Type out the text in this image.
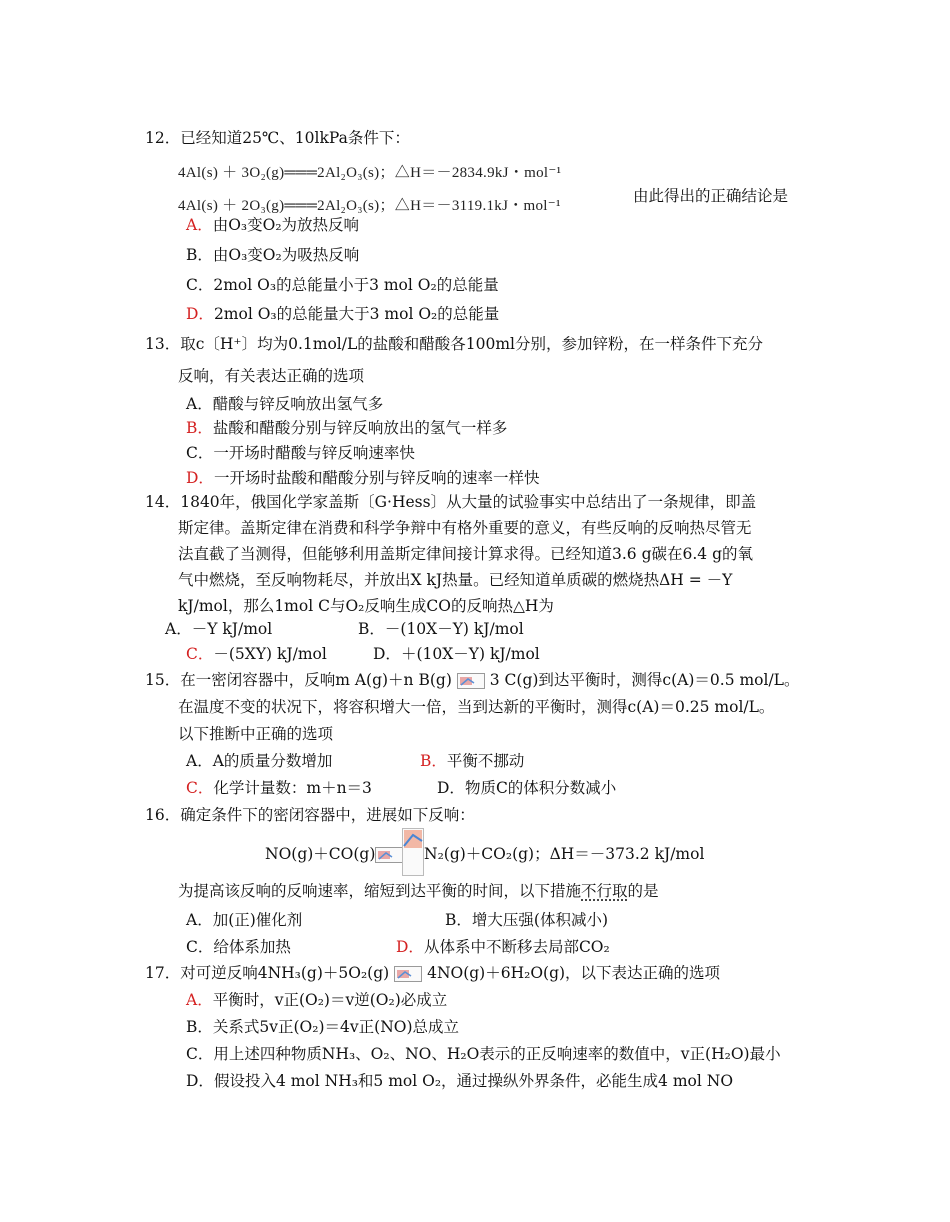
12．已经知道25℃、10lkPa条件下：
4Al(s) ＋ 3O₂(g)═══2Al₂O₃(s)；△H＝－2834.9kJ・mol⁻¹
4Al(s) ＋ 2O₃(g)═══2Al₂O₃(s)；△H＝－3119.1kJ・mol⁻¹
由此得出的正确结论是
A．由O₃变O₂为放热反响
B．由O₃变O₂为吸热反响
C．2mol O₃的总能量小于3 mol O₂的总能量
D．2mol O₃的总能量大于3 mol O₂的总能量
13．取c〔H⁺〕均为0.1mol/L的盐酸和醋酸各100ml分别，参加锌粉，在一样条件下充分
反响，有关表达正确的选项
A．醋酸与锌反响放出氢气多
B．盐酸和醋酸分别与锌反响放出的氢气一样多
C．一开场时醋酸与锌反响速率快
D．一开场时盐酸和醋酸分别与锌反响的速率一样快
14．1840年，俄国化学家盖斯〔G·Hess〕从大量的试验事实中总结出了一条规律，即盖
斯定律。盖斯定律在消费和科学争辩中有格外重要的意义，有些反响的反响热尽管无
法直截了当测得，但能够利用盖斯定律间接计算求得。已经知道3.6 g碳在6.4 g的氧
气中燃烧，至反响物耗尽，并放出X kJ热量。已经知道单质碳的燃烧热ΔH = －Y
kJ/mol，那么1mol C与O₂反响生成CO的反响热△H为
A．－Y kJ/mol	B．－(10X－Y) kJ/mol
C．－(5XY) kJ/mol	D．＋(10X－Y) kJ/mol
15．在一密闭容器中，反响m A(g)＋n B(g) 3 C(g)到达平衡时，测得c(A)＝0.5 mol/L。
在温度不变的状况下，将容积增大一倍，当到达新的平衡时，测得c(A)＝0.25 mol/L。
以下推断中正确的选项
A．A的质量分数增加	B．平衡不挪动
C．化学计量数：m＋n＝3	D．物质C的体积分数减小
16．确定条件下的密闭容器中，进展如下反响：
NO(g)＋CO(g)	N₂(g)＋CO₂(g)；ΔH＝－373.2 kJ/mol
为提高该反响的反响速率，缩短到达平衡的时间，以下措施不行取的是
A．加(正)催化剂	B．增大压强(体积减小)
C．给体系加热	D．从体系中不断移去局部CO₂
17．对可逆反响4NH₃(g)＋5O₂(g) 4NO(g)＋6H₂O(g)，以下表达正确的选项
A．平衡时，v正(O₂)＝v逆(O₂)必成立
B．关系式5v正(O₂)＝4v正(NO)总成立
C．用上述四种物质NH₃、O₂、NO、H₂O表示的正反响速率的数值中，v正(H₂O)最小
D．假设投入4 mol NH₃和5 mol O₂，通过操纵外界条件，必能生成4 mol NO
